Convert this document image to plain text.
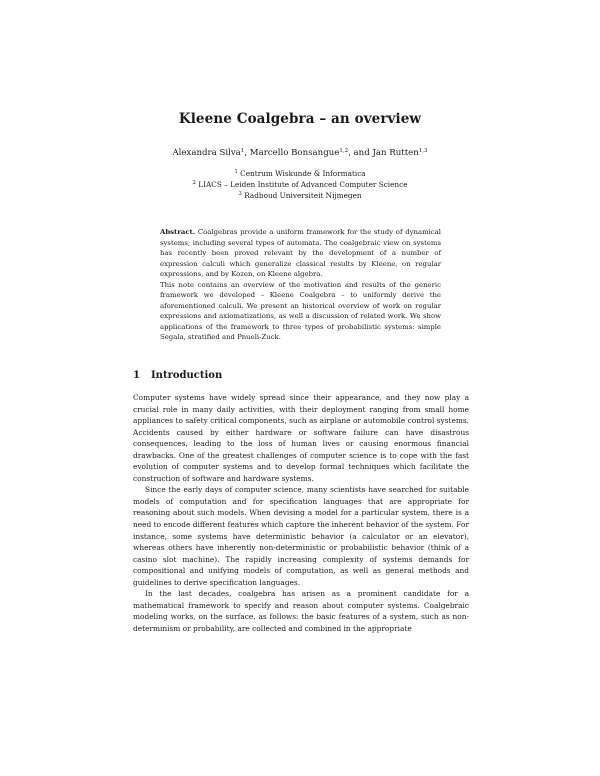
Kleene Coalgebra – an overview
Alexandra Silva$^1$, Marcello Bonsangue$^{1,2}$, and Jan Rutten$^{1,3}$
$^1$ Centrum Wiskunde & Informatica
$^2$ LIACS – Leiden Institute of Advanced Computer Science
$^3$ Radboud Universiteit Nijmegen

Abstract. Coalgebras provide a uniform framework for the study of dynamical systems, including several types of automata. The coalgebraic view on systems has recently been proved relevant by the development of a number of expression calculi which generalize classical results by Kleene, on regular expressions, and by Kozen, on Kleene algebra.

This note contains an overview of the motivation and results of the generic framework we developed – Kleene Coalgebra – to uniformly derive the aforementioned calculi. We present an historical overview of work on regular expressions and axiomatizations, as well a discussion of related work. We show applications of the framework to three types of probabilistic systems: simple Segala, stratified and Pnueli-Zuck.

1 Introduction

Computer systems have widely spread since their appearance, and they now play a crucial role in many daily activities, with their deployment ranging from small home appliances to safety critical components, such as airplane or automobile control systems. Accidents caused by either hardware or software failure can have disastrous consequences, leading to the loss of human lives or causing enormous financial drawbacks. One of the greatest challenges of computer science is to cope with the fast evolution of computer systems and to develop formal techniques which facilitate the construction of software and hardware systems.

Since the early days of computer science, many scientists have searched for suitable models of computation and for specification languages that are appropriate for reasoning about such models. When devising a model for a particular system, there is a need to encode different features which capture the inherent behavior of the system. For instance, some systems have deterministic behavior (a calculator or an elevator), whereas others have inherently non-deterministic or probabilistic behavior (think of a casino slot machine). The rapidly increasing complexity of systems demands for compositional and unifying models of computation, as well as general methods and guidelines to derive specification languages.

In the last decades, coalgebra has arisen as a prominent candidate for a mathematical framework to specify and reason about computer systems. Coalgebraic modeling works, on the surface, as follows: the basic features of a system, such as non-determinism or probability, are collected and combined in the appropriate
